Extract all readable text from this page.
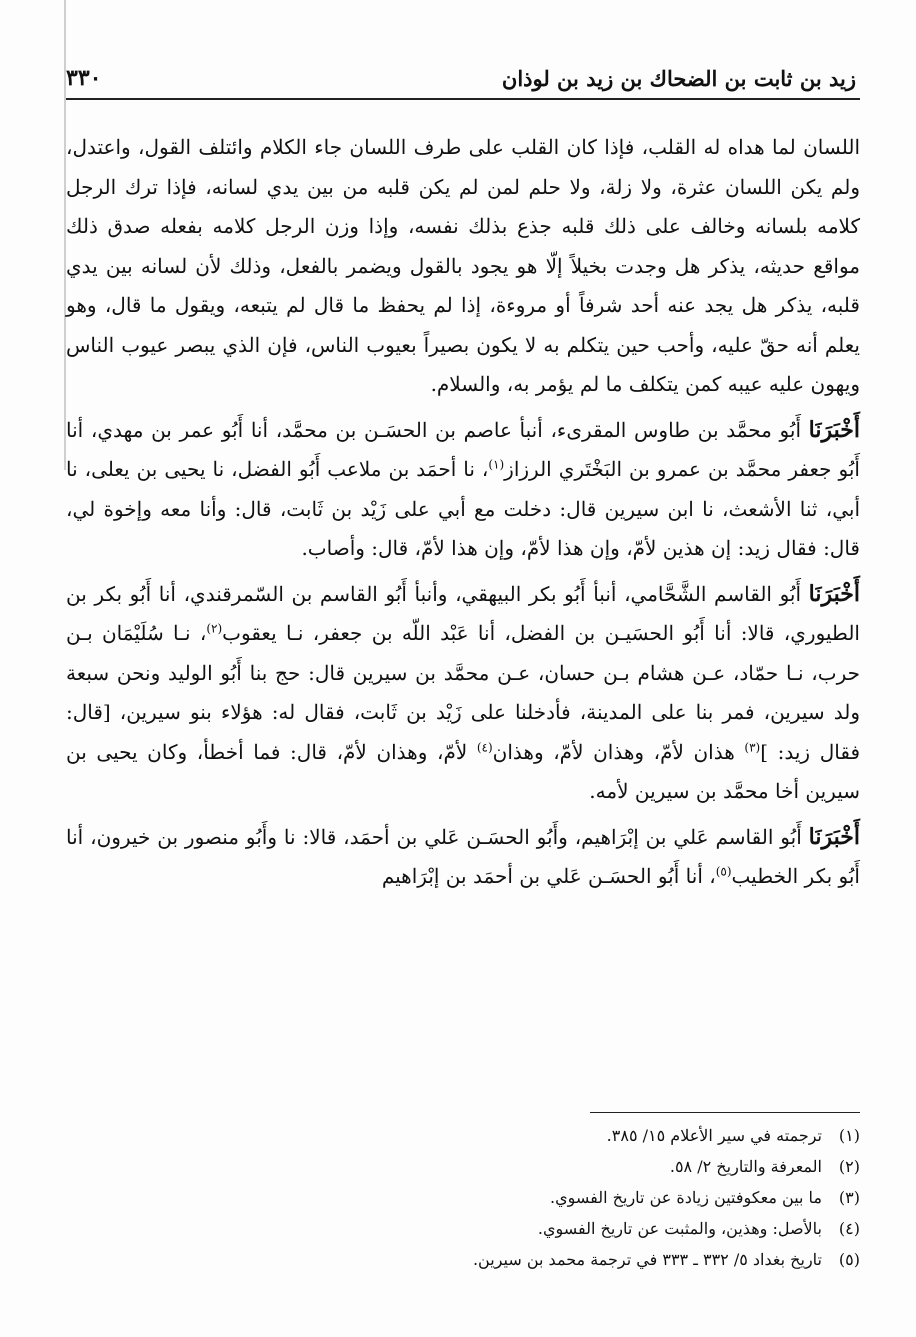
زيد بن ثابت بن الضحاك بن زيد بن لوذان
٣٣٠

اللسان لما هداه له القلب، فإذا كان القلب على طرف اللسان جاء الكلام وائتلف القول، واعتدل، ولم يكن اللسان عثرة، ولا زلة، ولا حلم لمن لم يكن قلبه من بين يدي لسانه، فإذا ترك الرجل كلامه بلسانه وخالف على ذلك قلبه جذع بذلك نفسه، وإذا وزن الرجل كلامه بفعله صدق ذلك مواقع حديثه، يذكر هل وجدت بخيلاً إلّا هو يجود بالقول ويضمر بالفعل، وذلك لأن لسانه بين يدي قلبه، يذكر هل يجد عنه أحد شرفاً أو مروءة، إذا لم يحفظ ما قال لم يتبعه، ويقول ما قال، وهو يعلم أنه حقّ عليه، وأحب حين يتكلم به لا يكون بصيراً بعيوب الناس، فإن الذي يبصر عيوب الناس ويهون عليه عيبه كمن يتكلف ما لم يؤمر به، والسلام.

أَخْبَرَنَا أَبُو محمَّد بن طاوس المقرىء، أنبأ عاصم بن الحسَـن بن محمَّد، أنا أَبُو عمر بن مهدي، أنا أَبُو جعفر محمَّد بن عمرو بن البَخْتَري الرزاز$^{(١)}$، نا أحمَد بن ملاعب أَبُو الفضل، نا يحيى بن يعلى، نا أبي، ثنا الأشعث، نا ابن سيرين قال: دخلت مع أبي على زَيْد بن ثَابت، قال: وأنا معه وإخوة لي، قال: فقال زيد: إن هذين لأمّ، وإن هذا لأمّ، وإن هذا لأمّ، قال: وأصاب.

أَخْبَرَنَا أَبُو القاسم الشَّحَّامي، أنبأ أَبُو بكر البيهقي، وأنبأ أَبُو القاسم بن السّمرقندي، أنا أَبُو بكر بن الطيوري، قالا: أنا أَبُو الحسَيـن بن الفضل، أنا عَبْد اللّه بن جعفر، نـا يعقوب$^{(٢)}$، نـا سُلَيْمَان بـن حرب، نـا حمّاد، عـن هشام بـن حسان، عـن محمَّد بن سيرين قال: حج بنا أَبُو الوليد ونحن سبعة ولد سيرين، فمر بنا على المدينة، فأدخلنا على زَيْد بن ثَابت، فقال له: هؤلاء بنو سيرين، [قال: فقال زيد: ]$^{(٣)}$ هذان لأمّ، وهذان لأمّ، وهذان$^{(٤)}$ لأمّ، وهذان لأمّ، قال: فما أخطأ، وكان يحيى بن سيرين أخا محمَّد بن سيرين لأمه.

أَخْبَرَنَا أَبُو القاسم عَلي بن إبْرَاهيم، وأَبُو الحسَـن عَلي بن أحمَد، قالا: نا وأَبُو منصور بن خيرون، أنا أَبُو بكر الخطيب$^{(٥)}$، أنا أَبُو الحسَـن عَلي بن أحمَد بن إبْرَاهيم

(١)
ترجمته في سير الأعلام ١٥/ ٣٨٥.
(٢)
المعرفة والتاريخ ٢/ ٥٨.
(٣)
ما بين معكوفتين زيادة عن تاريخ الفسوي.
(٤)
بالأصل: وهذين، والمثبت عن تاريخ الفسوي.
(٥)
تاريخ بغداد ٥/ ٣٣٢ ـ ٣٣٣ في ترجمة محمد بن سيرين.
